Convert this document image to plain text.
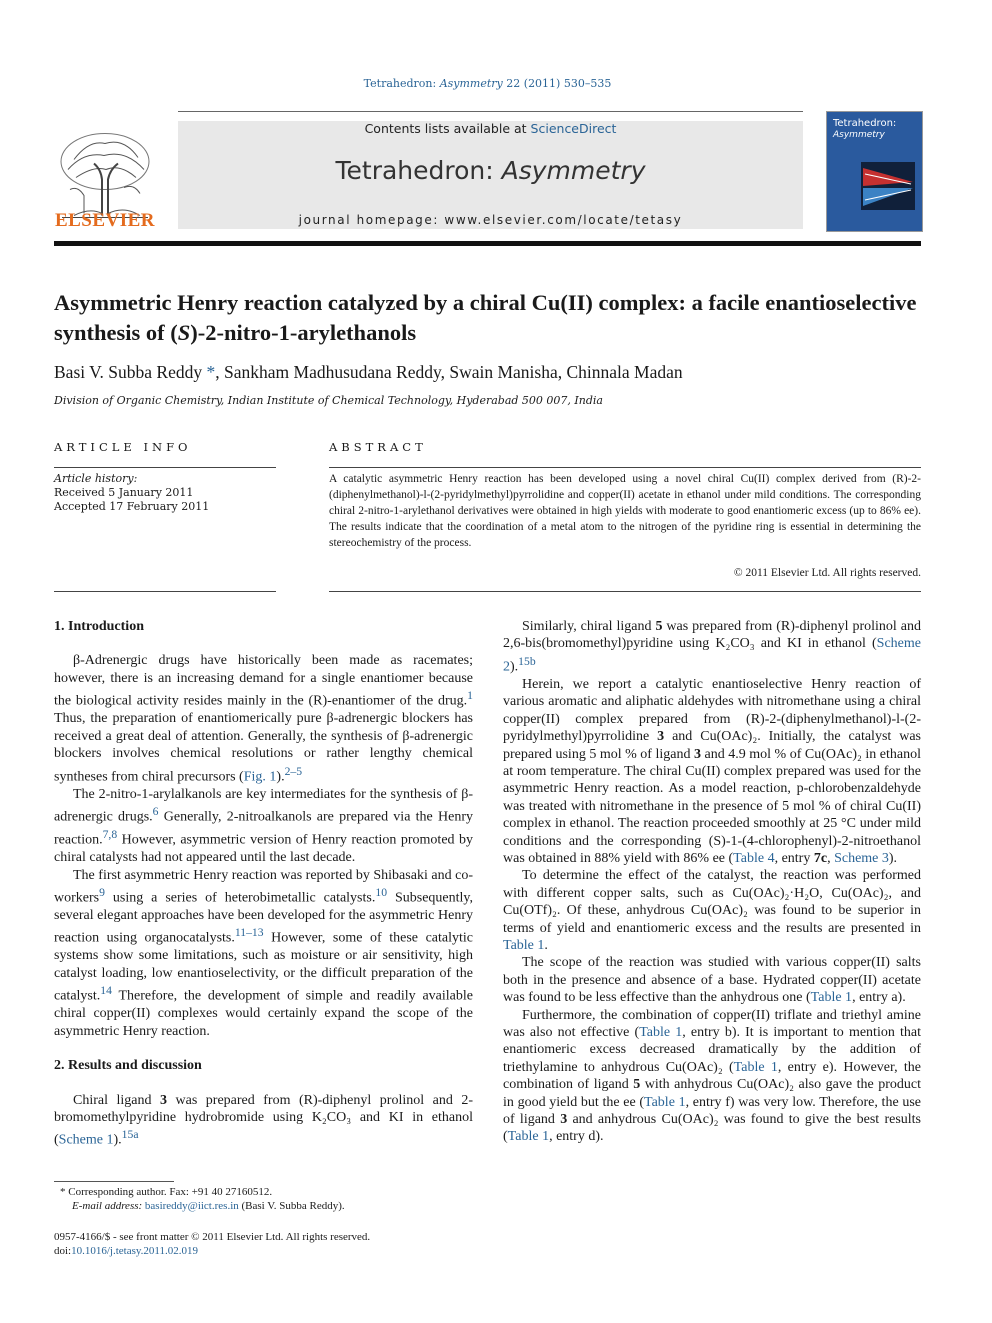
Tetrahedron: Asymmetry 22 (2011) 530–535
ELSEVIER
Contents lists available at ScienceDirect
Tetrahedron: Asymmetry
journal homepage: www.elsevier.com/locate/tetasy
Tetrahedron:
Asymmetry
Asymmetric Henry reaction catalyzed by a chiral Cu(II) complex: a facile enantioselective synthesis of (S)-2-nitro-1-arylethanols
Basi V. Subba Reddy *, Sankham Madhusudana Reddy, Swain Manisha, Chinnala Madan
Division of Organic Chemistry, Indian Institute of Chemical Technology, Hyderabad 500 007, India
ARTICLE INFO	ABSTRACT
Article history:
Received 5 January 2011
Accepted 17 February 2011
A catalytic asymmetric Henry reaction has been developed using a novel chiral Cu(II) complex derived from (R)-2-(diphenylmethanol)-l-(2-pyridylmethyl)pyrrolidine and copper(II) acetate in ethanol under mild conditions. The corresponding chiral 2-nitro-1-arylethanol derivatives were obtained in high yields with moderate to good enantiomeric excess (up to 86% ee). The results indicate that the coordination of a metal atom to the nitrogen of the pyridine ring is essential in determining the stereochemistry of the process.
© 2011 Elsevier Ltd. All rights reserved.
1. Introduction

β-Adrenergic drugs have historically been made as racemates; however, there is an increasing demand for a single enantiomer because the biological activity resides mainly in the (R)-enantiomer of the drug.$^1$ Thus, the preparation of enantiomerically pure β-adrenergic blockers has received a great deal of attention. Generally, the synthesis of β-adrenergic blockers involves chemical resolutions or rather lengthy chemical syntheses from chiral precursors (Fig. 1).$^{2-5}$

The 2-nitro-1-arylalkanols are key intermediates for the synthesis of β-adrenergic drugs.$^6$ Generally, 2-nitroalkanols are prepared via the Henry reaction.$^{7,8}$ However, asymmetric version of Henry reaction promoted by chiral catalysts had not appeared until the last decade.

The first asymmetric Henry reaction was reported by Shibasaki and co-workers$^9$ using a series of heterobimetallic catalysts.$^{10}$ Subsequently, several elegant approaches have been developed for the asymmetric Henry reaction using organocatalysts.$^{11-13}$ However, some of these catalytic systems show some limitations, such as moisture or air sensitivity, high catalyst loading, low enantioselectivity, or the difficult preparation of the catalyst.$^{14}$ Therefore, the development of simple and readily available chiral copper(II) complexes would certainly expand the scope of the asymmetric Henry reaction.

2. Results and discussion

Chiral ligand 3 was prepared from (R)-diphenyl prolinol and 2-bromomethylpyridine hydrobromide using K₂CO₃ and KI in ethanol (Scheme 1).$^{15a}$

Similarly, chiral ligand 5 was prepared from (R)-diphenyl prolinol and 2,6-bis(bromomethyl)pyridine using K₂CO₃ and KI in ethanol (Scheme 2).$^{15b}$

Herein, we report a catalytic enantioselective Henry reaction of various aromatic and aliphatic aldehydes with nitromethane using a chiral copper(II) complex prepared from (R)-2-(diphenylmethanol)-l-(2-pyridylmethyl)pyrrolidine 3 and Cu(OAc)₂. Initially, the catalyst was prepared using 5 mol % of ligand 3 and 4.9 mol % of Cu(OAc)₂ in ethanol at room temperature. The chiral Cu(II) complex prepared was used for the asymmetric Henry reaction. As a model reaction, p-chlorobenzaldehyde was treated with nitromethane in the presence of 5 mol % of chiral Cu(II) complex in ethanol. The reaction proceeded smoothly at 25 °C under mild conditions and the corresponding (S)-1-(4-chlorophenyl)-2-nitroethanol was obtained in 88% yield with 86% ee (Table 4, entry 7c, Scheme 3).

To determine the effect of the catalyst, the reaction was performed with different copper salts, such as Cu(OAc)₂·H₂O, Cu(OAc)₂, and Cu(OTf)₂. Of these, anhydrous Cu(OAc)₂ was found to be superior in terms of yield and enantiomeric excess and the results are presented in Table 1.

The scope of the reaction was studied with various copper(II) salts both in the presence and absence of a base. Hydrated copper(II) acetate was found to be less effective than the anhydrous one (Table 1, entry a).

Furthermore, the combination of copper(II) triflate and triethyl amine was also not effective (Table 1, entry b). It is important to mention that enantiomeric excess decreased dramatically by the addition of triethylamine to anhydrous Cu(OAc)₂ (Table 1, entry e). However, the combination of ligand 5 with anhydrous Cu(OAc)₂ also gave the product in good yield but the ee (Table 1, entry f) was very low. Therefore, the use of ligand 3 and anhydrous Cu(OAc)₂ was found to give the best results (Table 1, entry d).

* Corresponding author. Fax: +91 40 27160512.
E-mail address: basireddy@iict.res.in (Basi V. Subba Reddy).
0957-4166/$ - see front matter © 2011 Elsevier Ltd. All rights reserved.
doi:10.1016/j.tetasy.2011.02.019
